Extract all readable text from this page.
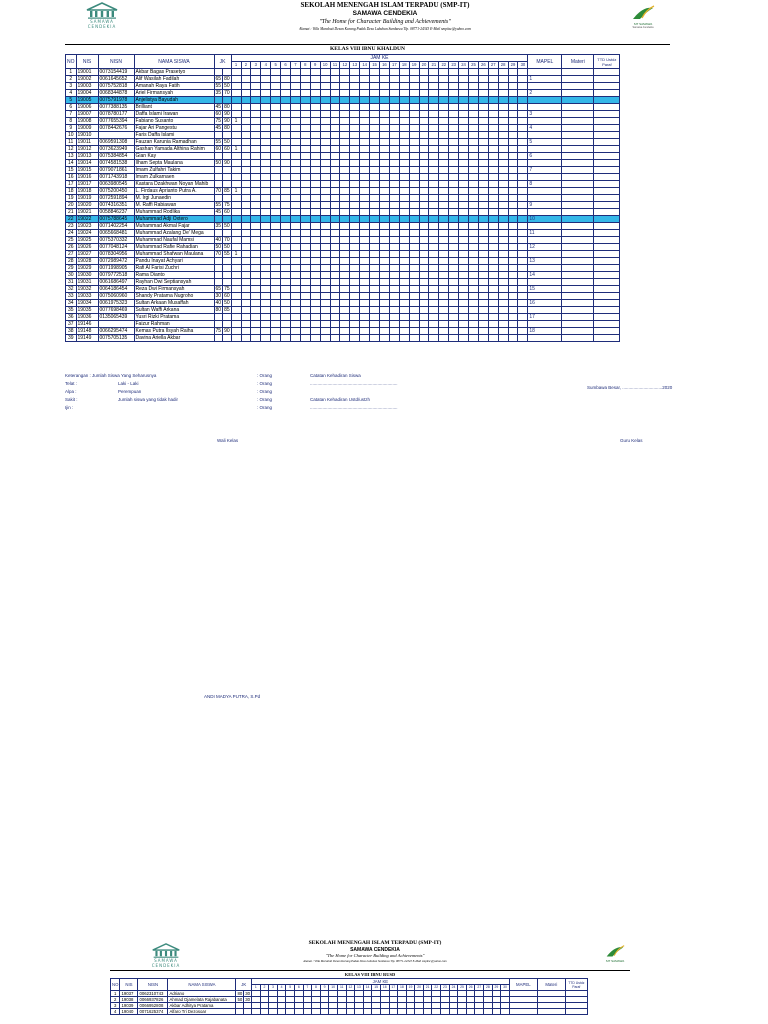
SAMAWA
CENDEKIA
SEKOLAH MENENGAH ISLAM TERPADU (SMP-IT)
SAMAWA CENDEKIA
"The Home for Character Building and Achievements"
Alamat : Villa Marabuti Desan Karang Padak Desa Labuhan Sumbawa Tlp. 08771-24343 E-Mail smpitsc@yahoo.com
SIT SAMAWA
Samawa Cendekia
KELAS VIII IBNU KHALDUN
NO	NIS	NISN	NAMA SISWA	JK		JAM KE																														MAPEL	Materi	TTD Ustdz Paraf
						1	2	3	4	5	6	7	8	9	10	11	12	13	14	15	16	17	18	19	20	21	22	23	24	25	26	27	28	29	30			
1	19001	0073154419	Akbar Bagas Prasetyo																																			
2	19002	0061645652	Alif Wasilah Fadilah	65	80																															1		
3	19003	0075752818	Amanah Raya Fatih	55	50																																	
4	19004	0068344878	Ariel Firmansyah	35	70																															2		
5	19005	0075791978	Anjelistya Bayudah																																			
6	19006	0077388135	Brilliant	45	80																																	
7	19007	0078780177	Daffa Islami Irawan	60	90																															3		
8	19008	0077655394	Fabiano Susanto	75	90	1																																
9	19009	0078442676	Fajar Ari Pangestu	45	80																															4		
10	19010		Faris Daffa Islami																																			
11	19011	0069591308	Fauzan Karunia Ramadhan	55	50																															5		
12	19012	0073623949	Gashan Yamada Althina Rahim	60	60	1																																
13	19013	0075384854	Gian Kay																																	6		
14	19014	0074581538	Ilham Septa Maulana	50	90																																	
15	19015	0079071861	Imam Zulfahri Takim																																	7		
16	19016	0071743918	Imam Zulkarnaen																																			
17	19017	0063980545	Kastara Dzakhwan Noyan Mahib																																	8		
18	19018	0075200450	L. Firdaus Aprianto Putra A.	70	85	1																																
19	19019	0072591894	M. Irgi Junaedin																																			
20	19020	0074316351	M. Raffi Rabiawan	55	75																															9		
21	19021	0058846237	Muhammad Rodlika	45	60																																	
22	19022	0075788645	Muhammad Adji Oxtero																																	10		
23	19023	0071402254	Muhammad Akmal Fajar	35	50																																	
24	19024	0065668481	Muhammad Azalang De' Mega																																	11		
25	19025	0075370332	Muhammad Naufal Mamsi	40	70																																	
26	19026	0077048124	Muhammad Rafie Rahadian	50	50																															12		
27	19027	0078304956	Muhammad Shafwan Maulana	70	55	1																																
28	19028	0072989472	Pandu Inayat Achyari																																	13		
29	19029	0071998905	Rafi Al Farisi Zuchri																																			
30	19030	0079772518	Rama Dianto																																	14		
31	19031	0061686497	Rayhan Dwi Septiansyah																																			
32	19032	0064186454	Reza Dwi Firmansyah	65	75																															15		
33	19033	0075060960	Shandy Pratama Nugroho	30	60																																	
34	19034	0061975323	Sultan Arkaan Musaffah	40	50																															16		
35	19035	0077698469	Sultan Waffi Arkana	80	85																																	
36	19036	0135065439	Yusri Rizki Pratama																																	17		
37	19146		Faizur Rahman																																			
38	19148	0066295474	Kemas Putra Ilsyah Raiha	75	90																															18		
39	19149	0075705135	Davina Ariella Akbar																																			
Keterangan : Jumlah Siswa Yang Seharusnya
Telat :
Alpa :
Sakit :
Ijin :
Laki - Laki
Perempuan
Jumlah siswa yang tidak hadir
: Orang
: Orang
: Orang
: Orang
: Orang
Catatan Kehadiran Siswa
......................................................................
Catatan Kehadiran Ustd/ustzh
......................................................................
Sumbawa Besar, ................................2020
Wali Kelas	Guru Kelas
ANDI MADYA PUTRA, S.Pd
SAMAWA
CENDEKIA
SEKOLAH MENENGAH ISLAM TERPADU (SMP-IT)
SAMAWA CENDEKIA
"The Home for Character Building and Achievements"
Alamat : Villa Marabuti Desan Karang Padak Desa Labuhan Sumbawa Tlp. 08771-24343 E-Mail smpitsc@yahoo.com	SIT SAMAWA
KELAS VIII IBNU RUSD
NO	NIS	NISN	NAMA SISWA	JK		JAM KE																														MAPEL	Materi	TTD Ustdz Paraf
						1	2	3	4	5	6	7	8	9	10	11	12	13	14	15	16	17	18	19	20	21	22	23	24	25	26	27	28	29	30			
1	19037	0062310743	Adriano	80	30																																	
2	19038	0066937826	Ahmad Djamelata Rajabanata	50	30																																	
3	19039	0066952808	Akbar Adhitya Pratama																																			
4	19040	0071625374	Alfaro Tri Dezosoar																																			
